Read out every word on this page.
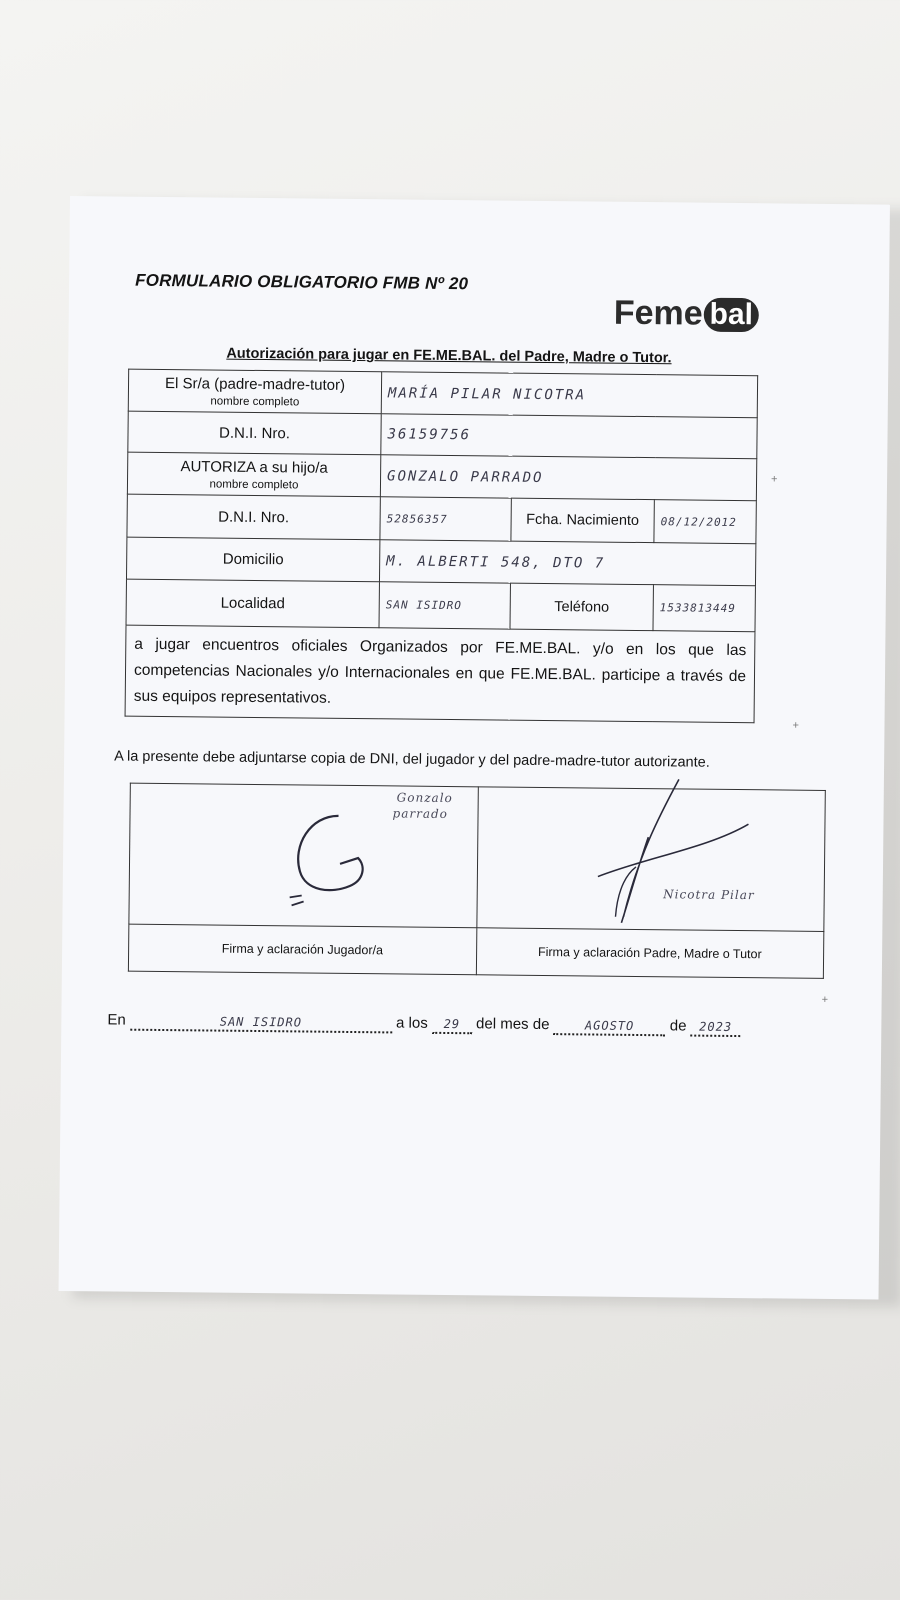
FORMULARIO OBLIGATORIO FMB Nº 20
Feme bal
Autorización para jugar en FE.ME.BAL. del Padre, Madre o Tutor.
El Sr/a (padre-madre-tutor)
nombre completo	MARÍA PILAR NICOTRA		
D.N.I. Nro.	36159756		

AUTORIZA a su hijo/a
nombre completo	GONZALO PARRADO		
D.N.I. Nro.	52856357	Fcha. Nacimiento	08/12/2012
Domicilio	M. ALBERTI 548, DTO 7		
Localidad	SAN ISIDRO	Teléfono	1533813449
a jugar encuentros oficiales Organizados por FE.ME.BAL. y/o en los que las competencias Nacionales y/o Internacionales en que FE.ME.BAL. participe a través de sus equipos representativos.			
A la presente debe adjuntarse copia de DNI, del jugador y del padre-madre-tutor autorizante.
Gonzalo
parrado	Nicotra Pilar

Firma y aclaración Jugador/a	Firma y aclaración Padre, Madre o Tutor
En	SAN ISIDRO	a los 29 del mes de	AGOSTO de 2023
+
+
+
